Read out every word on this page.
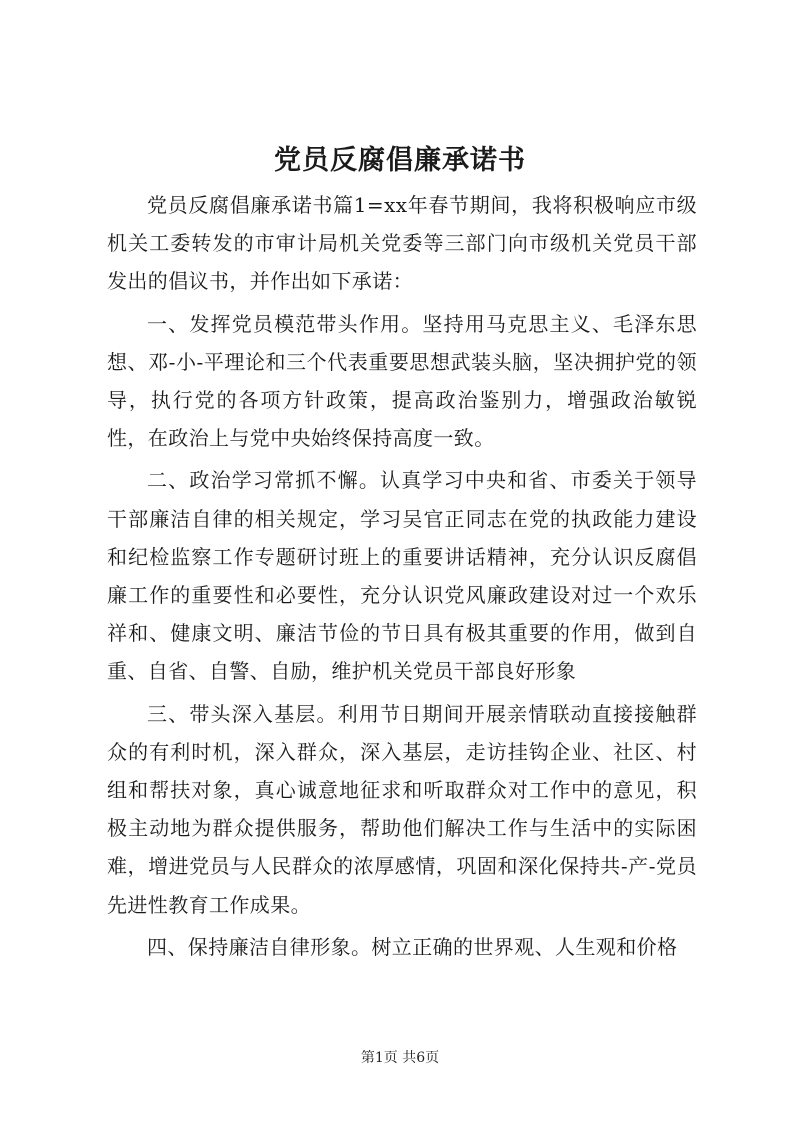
党员反腐倡廉承诺书

党员反腐倡廉承诺书篇1=xx年春节期间，我将积极响应市级机关工委转发的市审计局机关党委等三部门向市级机关党员干部发出的倡议书，并作出如下承诺：

一、发挥党员模范带头作用。坚持用马克思主义、毛泽东思想、邓-小-平理论和三个代表重要思想武装头脑，坚决拥护党的领导，执行党的各项方针政策，提高政治鉴别力，增强政治敏锐性，在政治上与党中央始终保持高度一致。

二、政治学习常抓不懈。认真学习中央和省、市委关于领导干部廉洁自律的相关规定，学习吴官正同志在党的执政能力建设和纪检监察工作专题研讨班上的重要讲话精神，充分认识反腐倡廉工作的重要性和必要性，充分认识党风廉政建设对过一个欢乐祥和、健康文明、廉洁节俭的节日具有极其重要的作用，做到自重、自省、自警、自励，维护机关党员干部良好形象

三、带头深入基层。利用节日期间开展亲情联动直接接触群众的有利时机，深入群众，深入基层，走访挂钩企业、社区、村组和帮扶对象，真心诚意地征求和听取群众对工作中的意见，积极主动地为群众提供服务，帮助他们解决工作与生活中的实际困难，增进党员与人民群众的浓厚感情，巩固和深化保持共-产-党员先进性教育工作成果。

四、保持廉洁自律形象。树立正确的世界观、人生观和价格

第1页 共6页
